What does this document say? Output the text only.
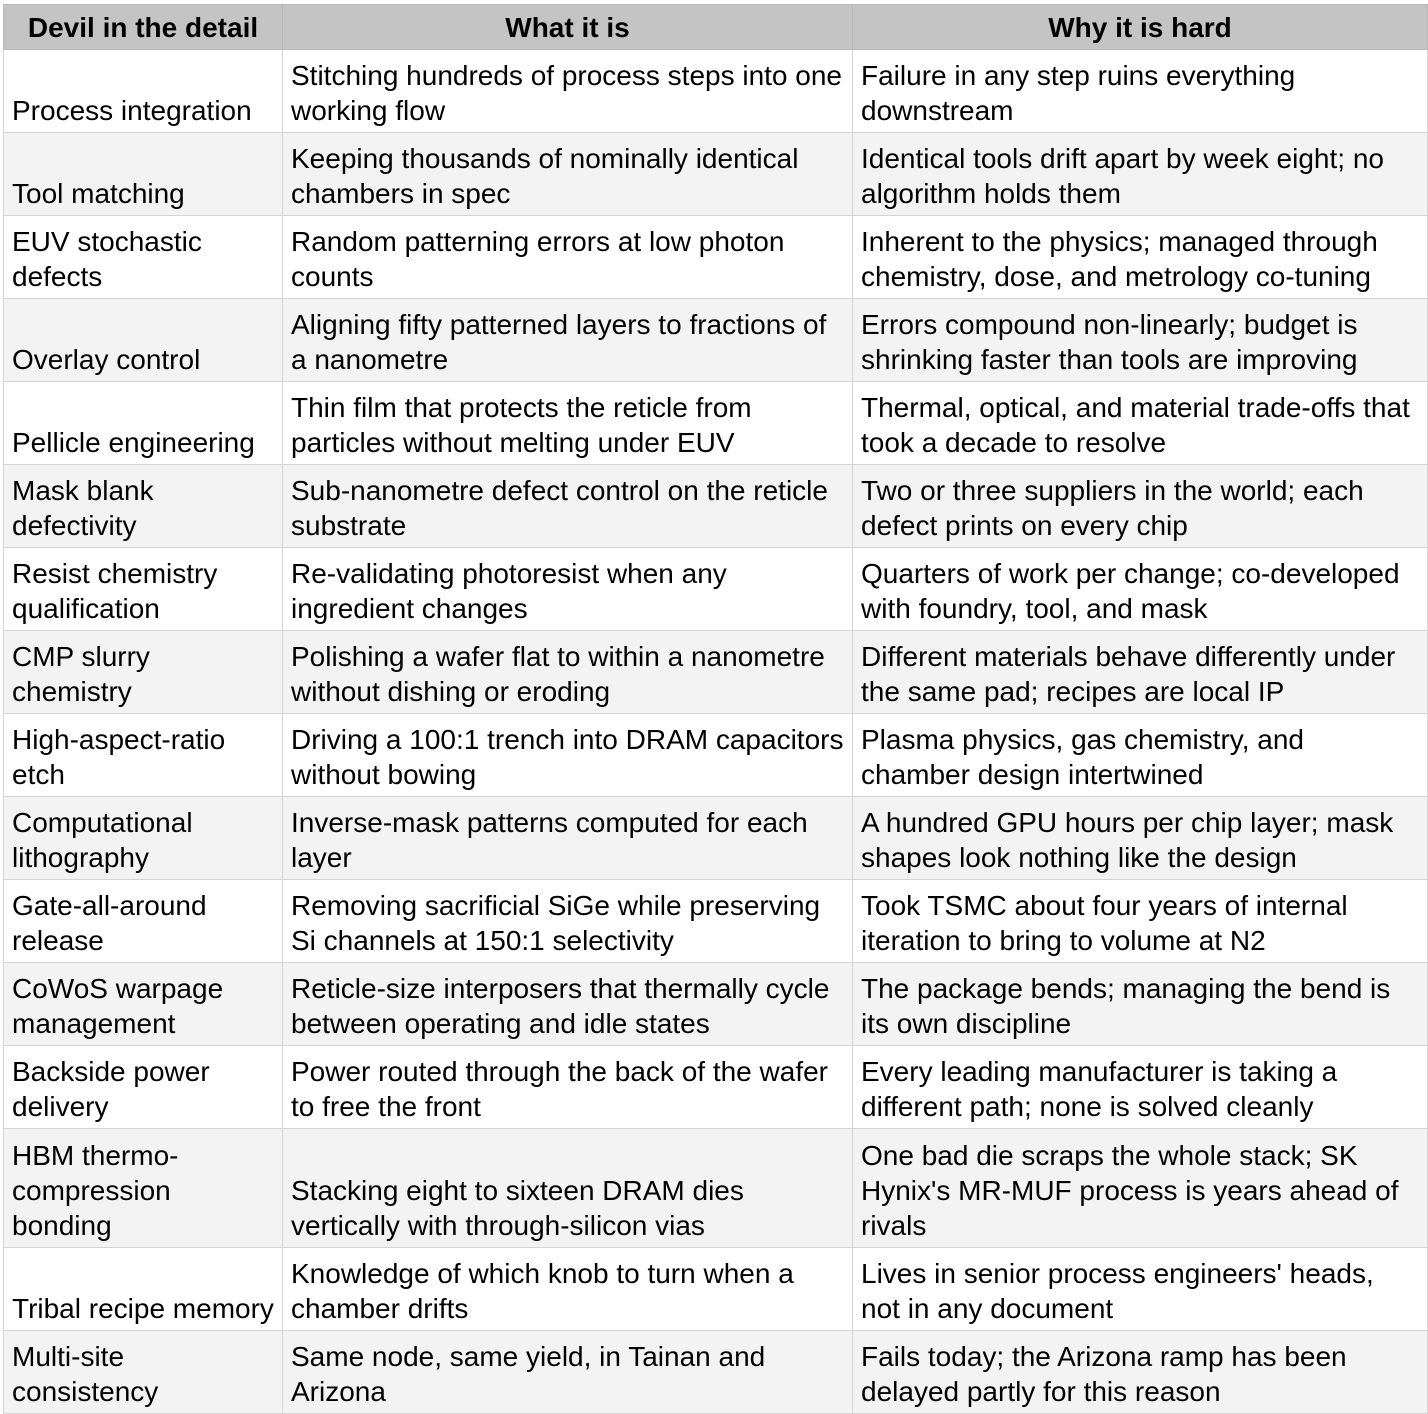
Devil in the detail	What it is	Why it is hard
Process integration	Stitching hundreds of process steps into one working flow	Failure in any step ruins everything downstream
Tool matching	Keeping thousands of nominally identical chambers in spec	Identical tools drift apart by week eight; no algorithm holds them
EUV stochastic defects	Random patterning errors at low photon counts	Inherent to the physics; managed through chemistry, dose, and metrology co-tuning
Overlay control	Aligning fifty patterned layers to fractions of a nanometre	Errors compound non-linearly; budget is shrinking faster than tools are improving
Pellicle engineering	Thin film that protects the reticle from particles without melting under EUV	Thermal, optical, and material trade-offs that took a decade to resolve
Mask blank defectivity	Sub-nanometre defect control on the reticle substrate	Two or three suppliers in the world; each defect prints on every chip
Resist chemistry qualification	Re-validating photoresist when any ingredient changes	Quarters of work per change; co-developed with foundry, tool, and mask
CMP slurry chemistry	Polishing a wafer flat to within a nanometre without dishing or eroding	Different materials behave differently under the same pad; recipes are local IP
High-aspect-ratio etch	Driving a 100:1 trench into DRAM capacitors without bowing	Plasma physics, gas chemistry, and chamber design intertwined
Computational lithography	Inverse-mask patterns computed for each layer	A hundred GPU hours per chip layer; mask shapes look nothing like the design
Gate-all-around release	Removing sacrificial SiGe while preserving Si channels at 150:1 selectivity	Took TSMC about four years of internal iteration to bring to volume at N2
CoWoS warpage management	Reticle-size interposers that thermally cycle between operating and idle states	The package bends; managing the bend is its own discipline
Backside power delivery	Power routed through the back of the wafer to free the front	Every leading manufacturer is taking a different path; none is solved cleanly
HBM thermo-compression bonding	Stacking eight to sixteen DRAM dies vertically with through-silicon vias	One bad die scraps the whole stack; SK Hynix's MR-MUF process is years ahead of rivals
Tribal recipe memory	Knowledge of which knob to turn when a chamber drifts	Lives in senior process engineers' heads, not in any document
Multi-site consistency	Same node, same yield, in Tainan and Arizona	Fails today; the Arizona ramp has been delayed partly for this reason
